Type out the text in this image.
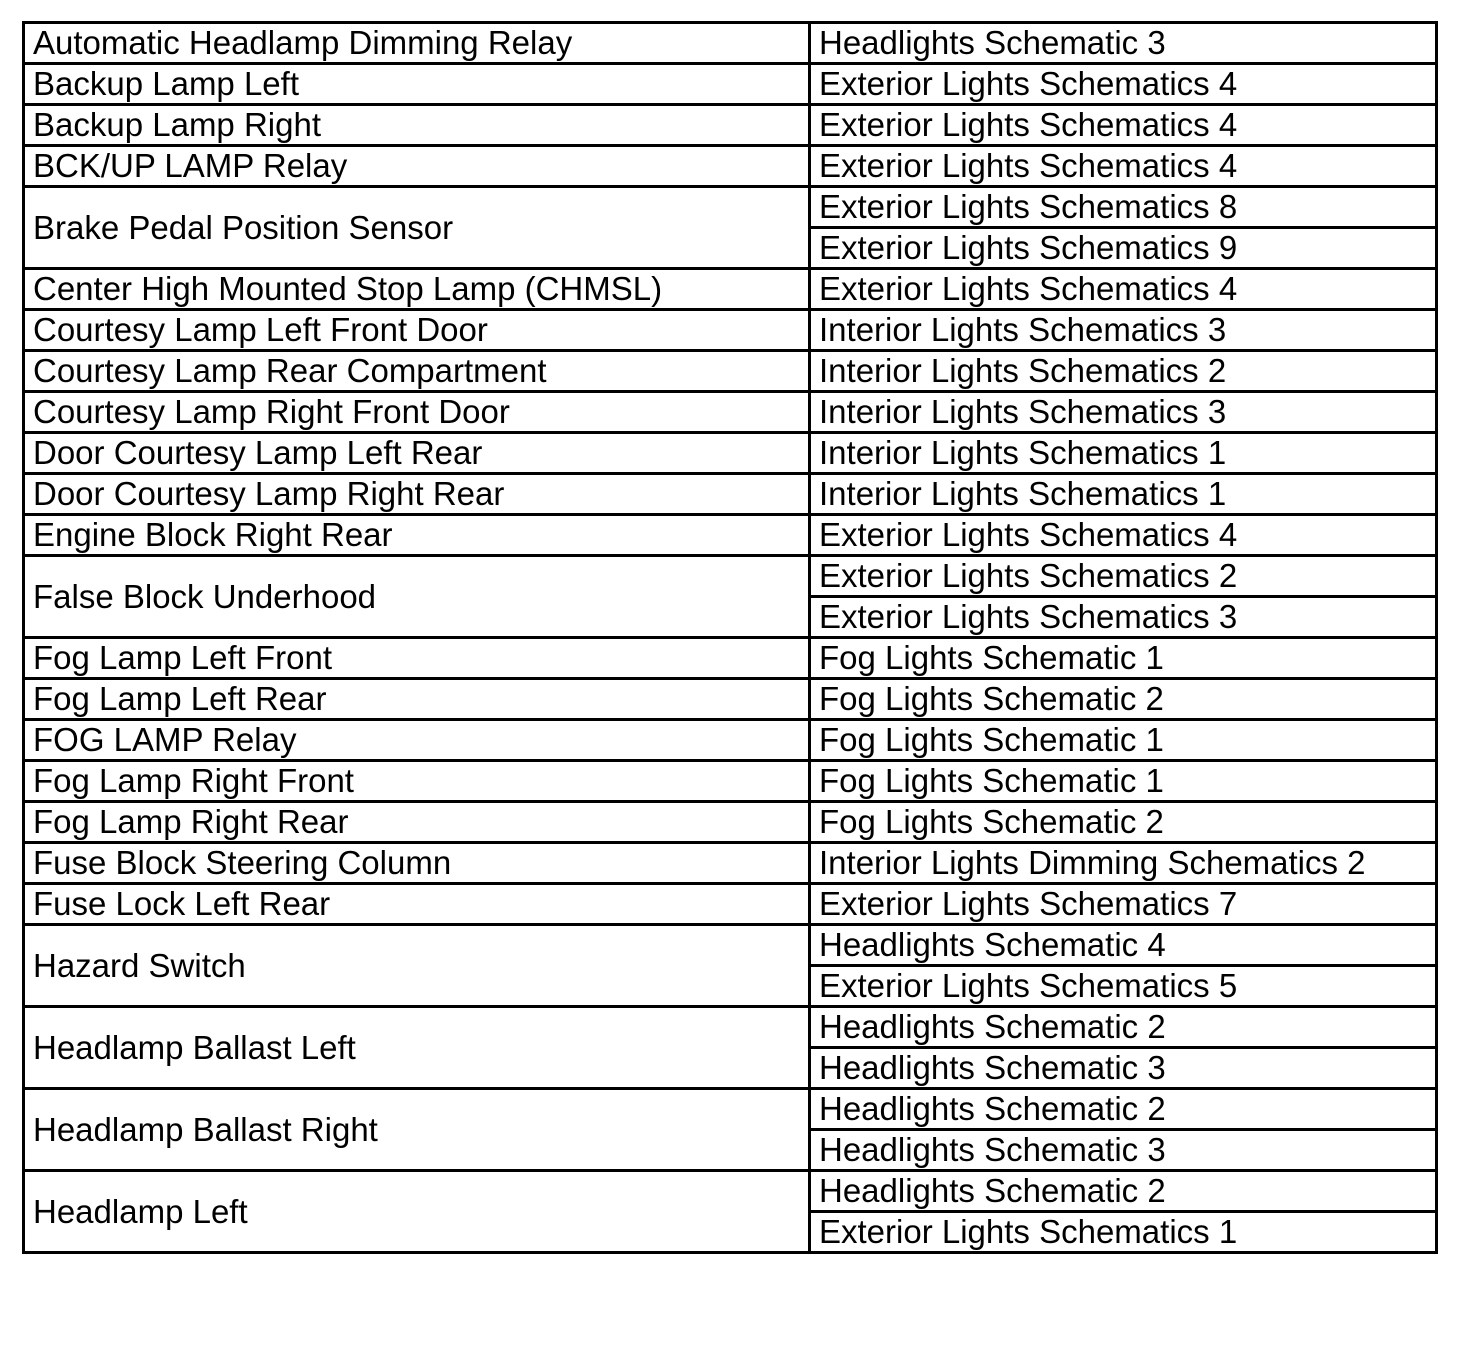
Automatic Headlamp Dimming Relay	Headlights Schematic 3
Backup Lamp Left	Exterior Lights Schematics 4
Backup Lamp Right	Exterior Lights Schematics 4
BCK/UP LAMP Relay	Exterior Lights Schematics 4
Brake Pedal Position Sensor	Exterior Lights Schematics 8
	Exterior Lights Schematics 9
Center High Mounted Stop Lamp (CHMSL)	Exterior Lights Schematics 4
Courtesy Lamp Left Front Door	Interior Lights Schematics 3
Courtesy Lamp Rear Compartment	Interior Lights Schematics 2
Courtesy Lamp Right Front Door	Interior Lights Schematics 3
Door Courtesy Lamp Left Rear	Interior Lights Schematics 1
Door Courtesy Lamp Right Rear	Interior Lights Schematics 1
Engine Block Right Rear	Exterior Lights Schematics 4
False Block Underhood	Exterior Lights Schematics 2
	Exterior Lights Schematics 3
Fog Lamp Left Front	Fog Lights Schematic 1
Fog Lamp Left Rear	Fog Lights Schematic 2
FOG LAMP Relay	Fog Lights Schematic 1
Fog Lamp Right Front	Fog Lights Schematic 1
Fog Lamp Right Rear	Fog Lights Schematic 2
Fuse Block Steering Column	Interior Lights Dimming Schematics 2
Fuse Lock Left Rear	Exterior Lights Schematics 7
Hazard Switch	Headlights Schematic 4
	Exterior Lights Schematics 5
Headlamp Ballast Left	Headlights Schematic 2
	Headlights Schematic 3
Headlamp Ballast Right	Headlights Schematic 2
	Headlights Schematic 3
Headlamp Left	Headlights Schematic 2
	Exterior Lights Schematics 1
